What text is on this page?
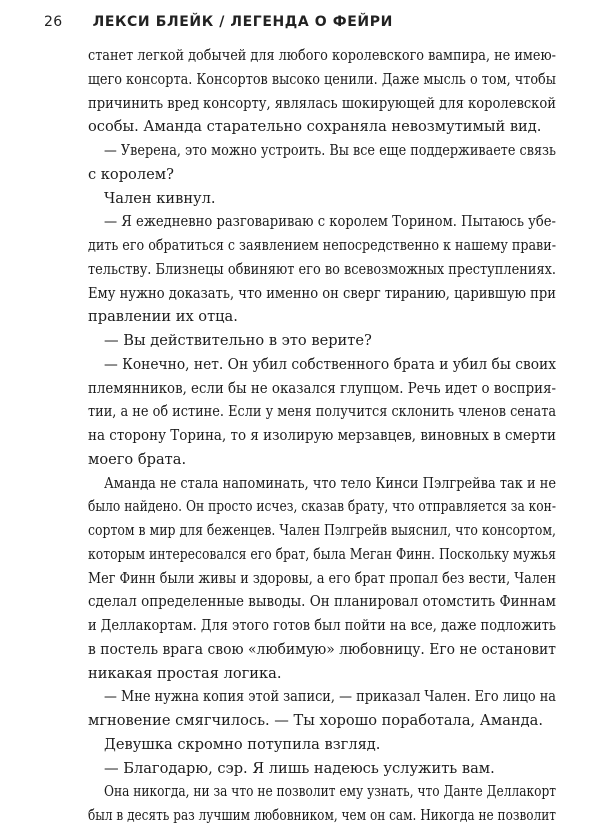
26 ЛЕКСИ БЛЕЙК / ЛЕГЕНДА О ФЕЙРИ
станет легкой добычей для любого королевского вампира, не имею-
щего консорта. Консортов высоко ценили. Даже мысль о том, чтобы
причинить вред консорту, являлась шокирующей для королевской
особы. Аманда старательно сохраняла невозмутимый вид.
— Уверена, это можно устроить. Вы все еще поддерживаете связь
с королем?
Чален кивнул.
— Я ежедневно разговариваю с королем Торином. Пытаюсь убе-
дить его обратиться с заявлением непосредственно к нашему прави-
тельству. Близнецы обвиняют его во всевозможных преступлениях.
Ему нужно доказать, что именно он сверг тиранию, царившую при
правлении их отца.
— Вы действительно в это верите?
— Конечно, нет. Он убил собственного брата и убил бы своих
племянников, если бы не оказался глупцом. Речь идет о восприя-
тии, а не об истине. Если у меня получится склонить членов сената
на сторону Торина, то я изолирую мерзавцев, виновных в смерти
моего брата.
Аманда не стала напоминать, что тело Кинси Пэлгрейва так и не
было найдено. Он просто исчез, сказав брату, что отправляется за кон-
сортом в мир для беженцев. Чален Пэлгрейв выяснил, что консортом,
которым интересовался его брат, была Меган Финн. Поскольку мужья
Мег Финн были живы и здоровы, а его брат пропал без вести, Чален
сделал определенные выводы. Он планировал отомстить Финнам
и Деллакортам. Для этого готов был пойти на все, даже подложить
в постель врага свою «любимую» любовницу. Его не остановит
никакая простая логика.
— Мне нужна копия этой записи, — приказал Чален. Его лицо на
мгновение смягчилось. — Ты хорошо поработала, Аманда.
Девушка скромно потупила взгляд.
— Благодарю, сэр. Я лишь надеюсь услужить вам.
Она никогда, ни за что не позволит ему узнать, что Данте Деллакорт
был в десять раз лучшим любовником, чем он сам. Никогда не позволит
